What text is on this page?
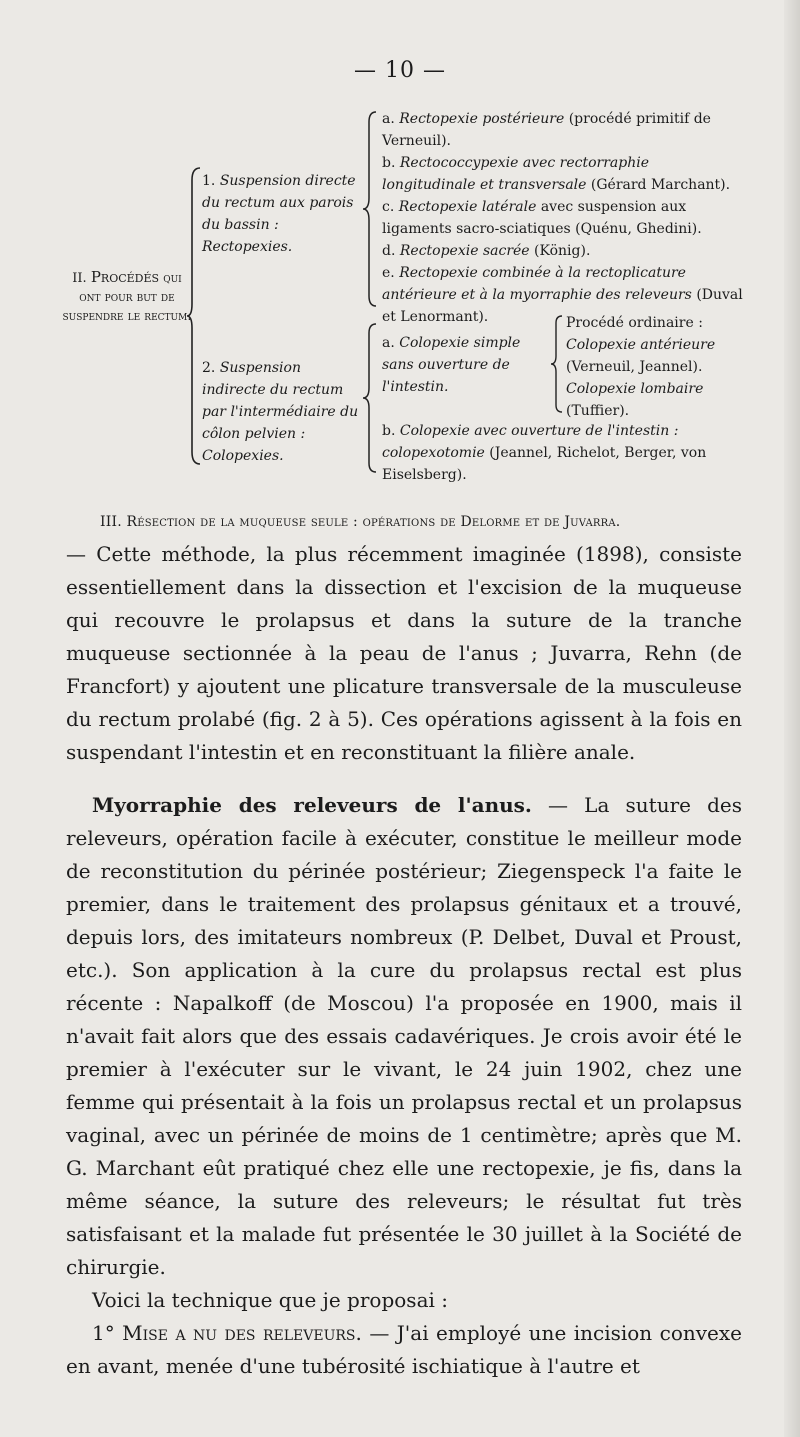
— 10 —
II. Procédés qui ont pour but de suspendre le rectum.
1. Suspension directe du rectum aux parois du bassin : Rectopexies.

a. Rectopexie postérieure (procédé primitif de Verneuil).

b. Rectococcypexie avec rectorraphie longitudinale et transversale (Gérard Marchant).

c. Rectopexie latérale avec suspension aux ligaments sacro-sciatiques (Quénu, Ghedini).

d. Rectopexie sacrée (König).

e. Rectopexie combinée à la rectoplicature antérieure et à la myorraphie des releveurs (Duval et Lenormant).

2. Suspension indirecte du rectum par l'intermédiaire du côlon pelvien : Colopexies.
a. Colopexie simple sans ouverture de l'intestin.
Procédé ordinaire : Colopexie antérieure (Verneuil, Jeannel).
Colopexie lombaire (Tuffier).
b. Colopexie avec ouverture de l'intestin : colopexotomie (Jeannel, Richelot, Berger, von Eiselsberg).
III. Résection de la muqueuse seule : opérations de Delorme et de Juvarra.

— Cette méthode, la plus récemment imaginée (1898), consiste essentiellement dans la dissection et l'excision de la muqueuse qui recouvre le prolapsus et dans la suture de la tranche muqueuse sectionnée à la peau de l'anus ; Juvarra, Rehn (de Francfort) y ajoutent une plicature transversale de la musculeuse du rectum prolabé (fig. 2 à 5). Ces opérations agissent à la fois en suspendant l'intestin et en reconstituant la filière anale.

Myorraphie des releveurs de l'anus. — La suture des releveurs, opération facile à exécuter, constitue le meilleur mode de reconstitution du périnée postérieur; Ziegenspeck l'a faite le premier, dans le traitement des prolapsus génitaux et a trouvé, depuis lors, des imitateurs nombreux (P. Delbet, Duval et Proust, etc.). Son application à la cure du prolapsus rectal est plus récente : Napalkoff (de Moscou) l'a proposée en 1900, mais il n'avait fait alors que des essais cadavériques. Je crois avoir été le premier à l'exécuter sur le vivant, le 24 juin 1902, chez une femme qui présentait à la fois un prolapsus rectal et un prolapsus vaginal, avec un périnée de moins de 1 centimètre; après que M. G. Marchant eût pratiqué chez elle une rectopexie, je fis, dans la même séance, la suture des releveurs; le résultat fut très satisfaisant et la malade fut présentée le 30 juillet à la Société de chirurgie.

Voici la technique que je proposai :

1° Mise a nu des releveurs. — J'ai employé une incision convexe en avant, menée d'une tubérosité ischiatique à l'autre et
